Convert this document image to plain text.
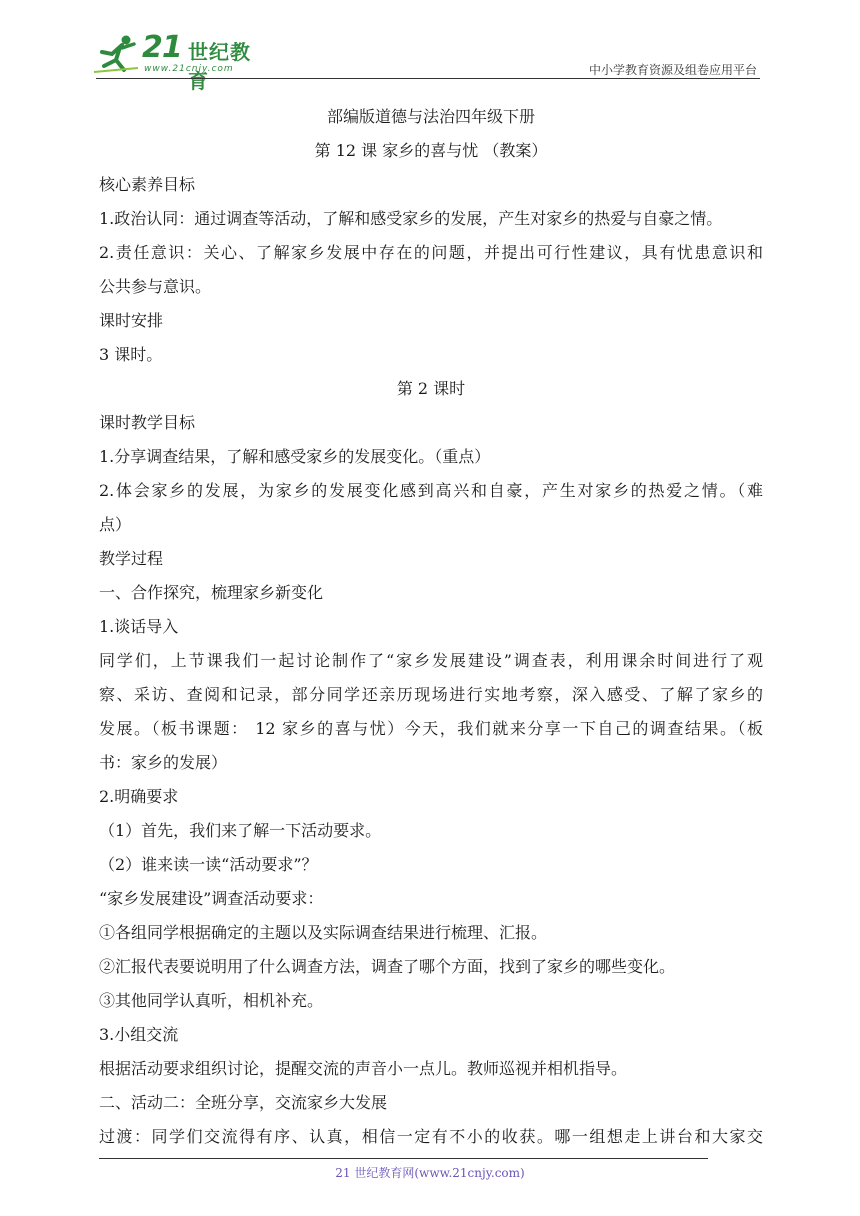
21 世纪教育
www.21cnjy.com	中小学教育资源及组卷应用平台
部编版道德与法治四年级下册
第 12 课 家乡的喜与忧 （教案）
核心素养目标
1.政治认同：通过调查等活动，了解和感受家乡的发展，产生对家乡的热爱与自豪之情。
2.责任意识：关心、了解家乡发展中存在的问题，并提出可行性建议，具有忧患意识和
公共参与意识。
课时安排
3 课时。
第 2 课时
课时教学目标
1.分享调查结果，了解和感受家乡的发展变化。（重点）
2.体会家乡的发展，为家乡的发展变化感到高兴和自豪，产生对家乡的热爱之情。（难
点）
教学过程
一、合作探究，梳理家乡新变化
1.谈话导入
同学们，上节课我们一起讨论制作了“家乡发展建设”调查表，利用课余时间进行了观
察、采访、查阅和记录，部分同学还亲历现场进行实地考察，深入感受、了解了家乡的
发展。（板书课题： 12 家乡的喜与忧）今天，我们就来分享一下自己的调查结果。（板
书：家乡的发展）
2.明确要求
（1）首先，我们来了解一下活动要求。
（2）谁来读一读“活动要求”？
“家乡发展建设”调查活动要求：
①各组同学根据确定的主题以及实际调查结果进行梳理、汇报。
②汇报代表要说明用了什么调查方法，调查了哪个方面，找到了家乡的哪些变化。
③其他同学认真听，相机补充。
3.小组交流
根据活动要求组织讨论，提醒交流的声音小一点儿。教师巡视并相机指导。
二、活动二：全班分享，交流家乡大发展
过渡：同学们交流得有序、认真，相信一定有不小的收获。哪一组想走上讲台和大家交
21 世纪教育网(www.21cnjy.com)
